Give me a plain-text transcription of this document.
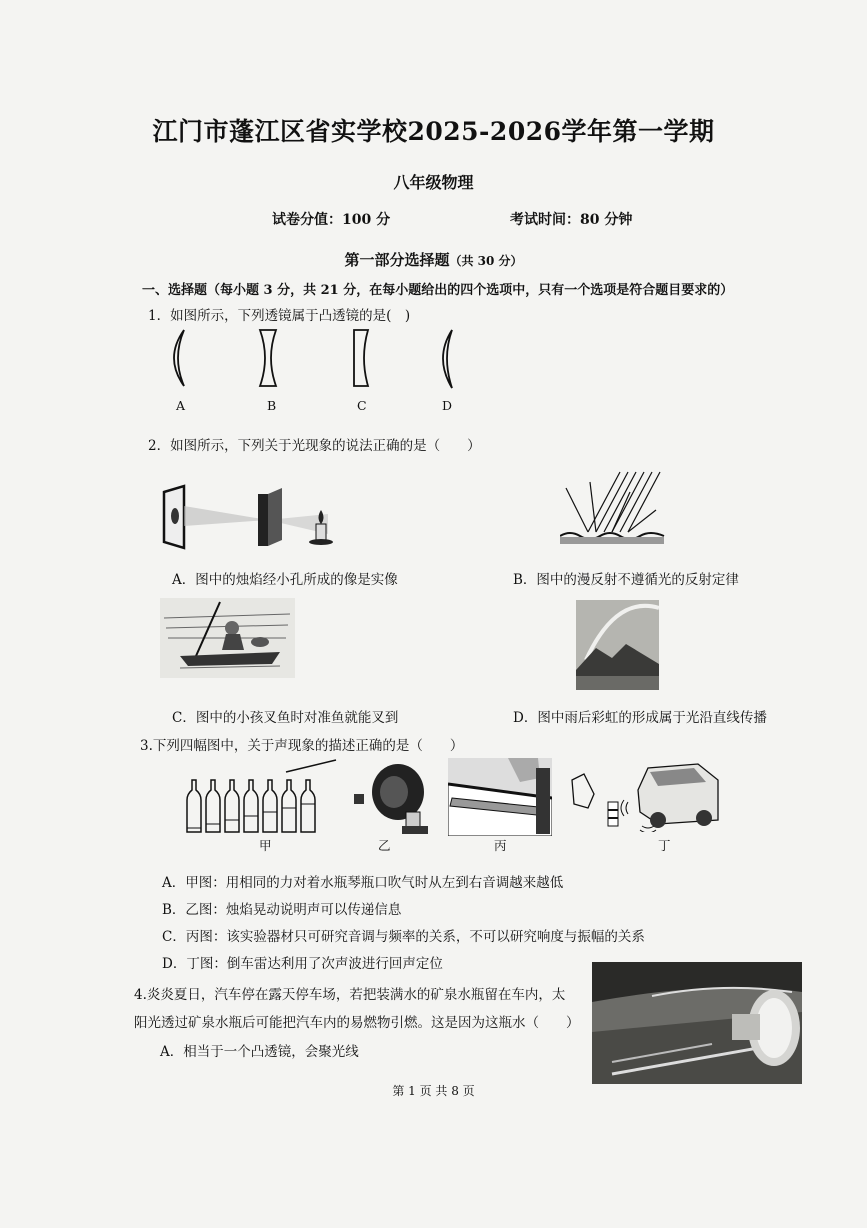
江门市蓬江区省实学校2025-2026学年第一学期
八年级物理
试卷分值：100 分	考试时间：80 分钟
第一部分选择题（共 30 分）
一、选择题（每小题 3 分，共 21 分，在每小题给出的四个选项中，只有一个选项是符合题目要求的）
1．如图所示，下列透镜属于凸透镜的是(　)
A	B	C	D
2．如图所示，下列关于光现象的说法正确的是（　　）
A．图中的烛焰经小孔所成的像是实像	B．图中的漫反射不遵循光的反射定律
C．图中的小孩叉鱼时对准鱼就能叉到	D．图中雨后彩虹的形成属于光沿直线传播
3.下列四幅图中，关于声现象的描述正确的是（　　）
甲	乙	丙	丁
A．甲图：用相同的力对着水瓶琴瓶口吹气时从左到右音调越来越低
B．乙图：烛焰晃动说明声可以传递信息
C．丙图：该实验器材只可研究音调与频率的关系，不可以研究响度与振幅的关系
D．丁图：倒车雷达利用了次声波进行回声定位
4.炎炎夏日，汽车停在露天停车场，若把装满水的矿泉水瓶留在车内，太
阳光透过矿泉水瓶后可能把汽车内的易燃物引燃。这是因为这瓶水（　　）
A．相当于一个凸透镜，会聚光线
第 1 页 共 8 页
